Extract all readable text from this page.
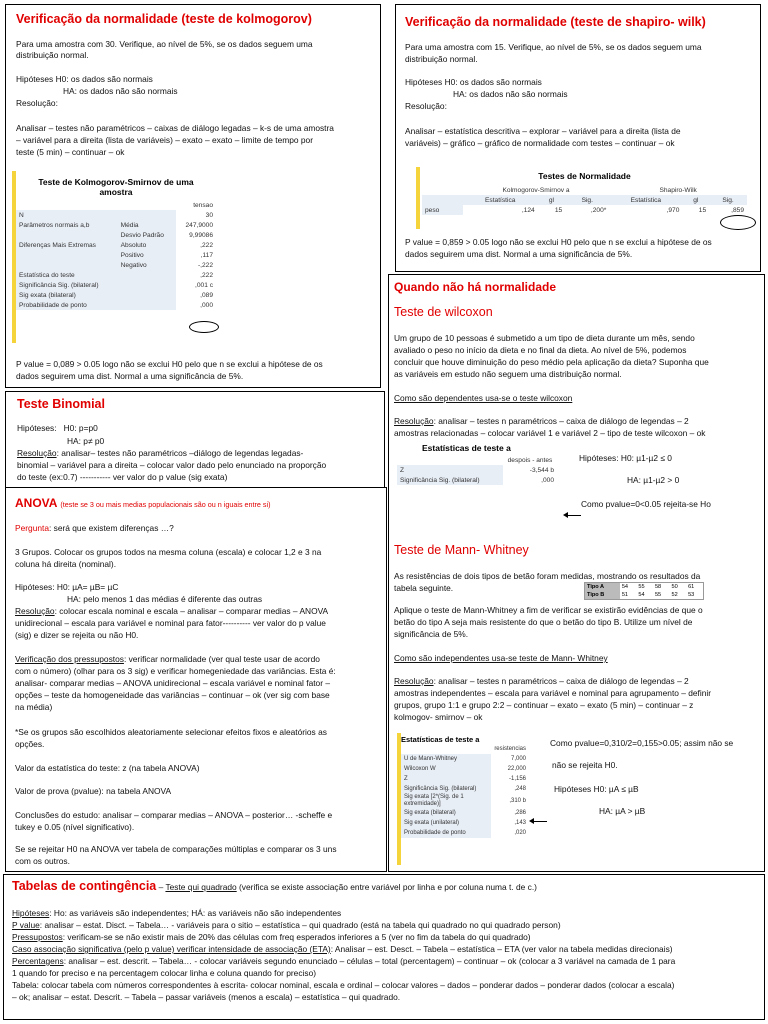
Verificação da normalidade (teste de kolmogorov)
Para uma amostra com 30. Verifique, ao nível de 5%, se os dados seguem uma
distribuição normal.
Hipóteses H0: os dados são normais
HA: os dados não são normais
Resolução:
Analisar – testes não paramétricos – caixas de diálogo legadas – k-s de uma amostra
– variável para a direita (lista de variáveis) – exato – exato – limite de tempo por
teste (5 min) – continuar – ok
Teste de Kolmogorov-Smirnov de uma amostra
		tensao
N		30
Parâmetros normais a,b	Média	247,9000
	Desvio Padrão	9,99086
Diferenças Mais Extremas	Absoluto	,222
	Positivo	,117
	Negativo	-,222
Estatística do teste		,222
Significância Sig. (bilateral)		,001 c
Sig exata (bilateral)		,089
Probabilidade de ponto		,000
P value = 0,089 > 0.05 logo não se exclui H0 pelo que n se exclui a hipótese de os
dados seguirem uma dist. Normal a uma significância de 5%.
Verificação da normalidade (teste de shapiro- wilk)
Para uma amostra com 15. Verifique, ao nível de 5%, se os dados seguem uma
distribuição normal.
Hipóteses H0: os dados são normais
HA: os dados não são normais
Resolução:
Analisar – estatística descritiva – explorar – variável para a direita (lista de
variáveis) – gráfico – gráfico de normalidade com testes – continuar – ok
Testes de Normalidade
	Kolmogorov-Smirnov a			Shapiro-Wilk		
	Estatística	gl	Sig.	Estatística	gl	Sig.
peso	,124	15	,200*	,970	15	,859
P value = 0,859 > 0.05 logo não se exclui H0 pelo que n se exclui a hipótese de os
dados seguirem uma dist. Normal a uma significância de 5%.
Quando não há normalidade
Teste de wilcoxon
Um grupo de 10 pessoas é submetido a um tipo de dieta durante um mês, sendo
avaliado o peso no início da dieta e no final da dieta. Ao nível de 5%, podemos
concluir que houve diminuição do peso médio pela aplicação da dieta? Suponha que
as variáveis em estudo não seguem uma distribuição normal.
Como são dependentes usa-se o teste wilcoxon
Resolução: analisar – testes n paramétricos – caixa de diálogo de legendas – 2
amostras relacionadas – colocar variável 1 e variável 2 – tipo de teste wilcoxon – ok
Estatísticas de teste a
	despois - antes
Z	-3,544 b
Significância Sig. (bilateral)	,000
Hipóteses: H0: µ1-µ2 ≤ 0
HA: µ1-µ2 > 0
Como pvalue=0<0.05 rejeita-se Ho
Teste de Mann- Whitney
As resistências de dois tipos de betão foram medidas, mostrando os resultados da
tabela seguinte.	Tipo A	54	55	58	50	61
Tipo B	51	54	55	52	53
Aplique o teste de Mann-Whitney a fim de verificar se existirão evidências de que o
betão do tipo A seja mais resistente do que o betão do tipo B. Utilize um nível de
significância de 5%.
Como são independentes usa-se teste de Mann- Whitney
Resolução: analisar – testes n paramétricos – caixa de diálogo de legendas – 2
amostras independentes – escala para variável e nominal para agrupamento – definir
grupos, grupo 1:1 e grupo 2:2 – continuar – exato – exato (5 min) – continuar – z
kolmogov- smirnov – ok
Estatísticas de teste a
	resistencias
U de Mann-Whitney	7,000
Wilcoxon W	22,000
Z	-1,156
Significância Sig. (bilateral)	,248
Sig exata [2*(Sig. de 1 extremidade)]	,310 b
Sig exata (bilateral)	,286
Sig exata (unilateral)	,143
Probabilidade de ponto	,020
Como pvalue=0,310/2=0,155>0.05; assim não se
não se rejeita H0.
Hipóteses H0: µA ≤ µB
HA: µA > µB
Teste Binomial
Hipóteses: H0: p=p0
HA: p≠ p0
Resolução: analisar– testes não paramétricos –diálogo de legendas legadas-
binomial – variável para a direita – colocar valor dado pelo enunciado na proporção
do teste (ex:0.7) ----------- ver valor do p value (sig exata)
ANOVA (teste se 3 ou mais medias populacionais são ou n iguais entre si)
Pergunta: será que existem diferenças …?
3 Grupos. Colocar os grupos todos na mesma coluna (escala) e colocar 1,2 e 3 na
coluna há direita (nominal).
Hipóteses: H0: µA= µB= µC
HA: pelo menos 1 das médias é diferente das outras
Resolução: colocar escala nominal e escala – analisar – comparar medias – ANOVA
unidirecional – escala para variável e nominal para fator---------- ver valor do p value
(sig) e dizer se rejeita ou não H0.
Verificação dos pressupostos: verificar normalidade (ver qual teste usar de acordo
com o número) (olhar para os 3 sig) e verificar homegeniedade das variâncias. Esta é:
analisar- comparar medias – ANOVA unidirecional – escala variável e nominal fator –
opções – teste da homogeneidade das variâncias – continuar – ok (ver sig com base
na média)
*Se os grupos são escolhidos aleatoriamente selecionar efeitos fixos e aleatórios as
opções.
Valor da estatística do teste: z (na tabela ANOVA)
Valor de prova (pvalue): na tabela ANOVA
Conclusões do estudo: analisar – comparar medias – ANOVA – posterior… -scheffe e
tukey e 0.05 (nível significativo).
Se se rejeitar H0 na ANOVA ver tabela de comparações múltiplas e comparar os 3 uns
com os outros.
Tabelas de contingência – Teste qui quadrado (verifica se existe associação entre variável por linha e por coluna numa t. de c.)
Hipóteses: Ho: as variáveis são independentes; HÁ: as variáveis não são independentes
P value: analisar – estat. Disct. – Tabela… - variáveis para o sitio – estatística – qui quadrado (está na tabela qui quadrado no qui quadrado person)
Pressupostos: verificam-se se não existir mais de 20% das células com freq esperados inferiores a 5 (ver no fim da tabela do qui quadrado)
Caso associação significativa (pelo p value) verificar intensidade de associação (ETA): Analisar – est. Desct. – Tabela – estatística – ETA (ver valor na tabela medidas direcionais)
Percentagens: analisar – est. descrit. – Tabela… - colocar variáveis segundo enunciado – células – total (percentagem) – continuar – ok (colocar a 3 variável na camada de 1 para
1 quando for preciso e na percentagem colocar linha e coluna quando for preciso)
Tabela: colocar tabela com números correspondentes à escrita- colocar nominal, escala e ordinal – colocar valores – dados – ponderar dados – ponderar dados (colocar a escala)
– ok; analisar – estat. Descrit. – Tabela – passar variáveis (menos a escala) – estatística – qui quadrado.
